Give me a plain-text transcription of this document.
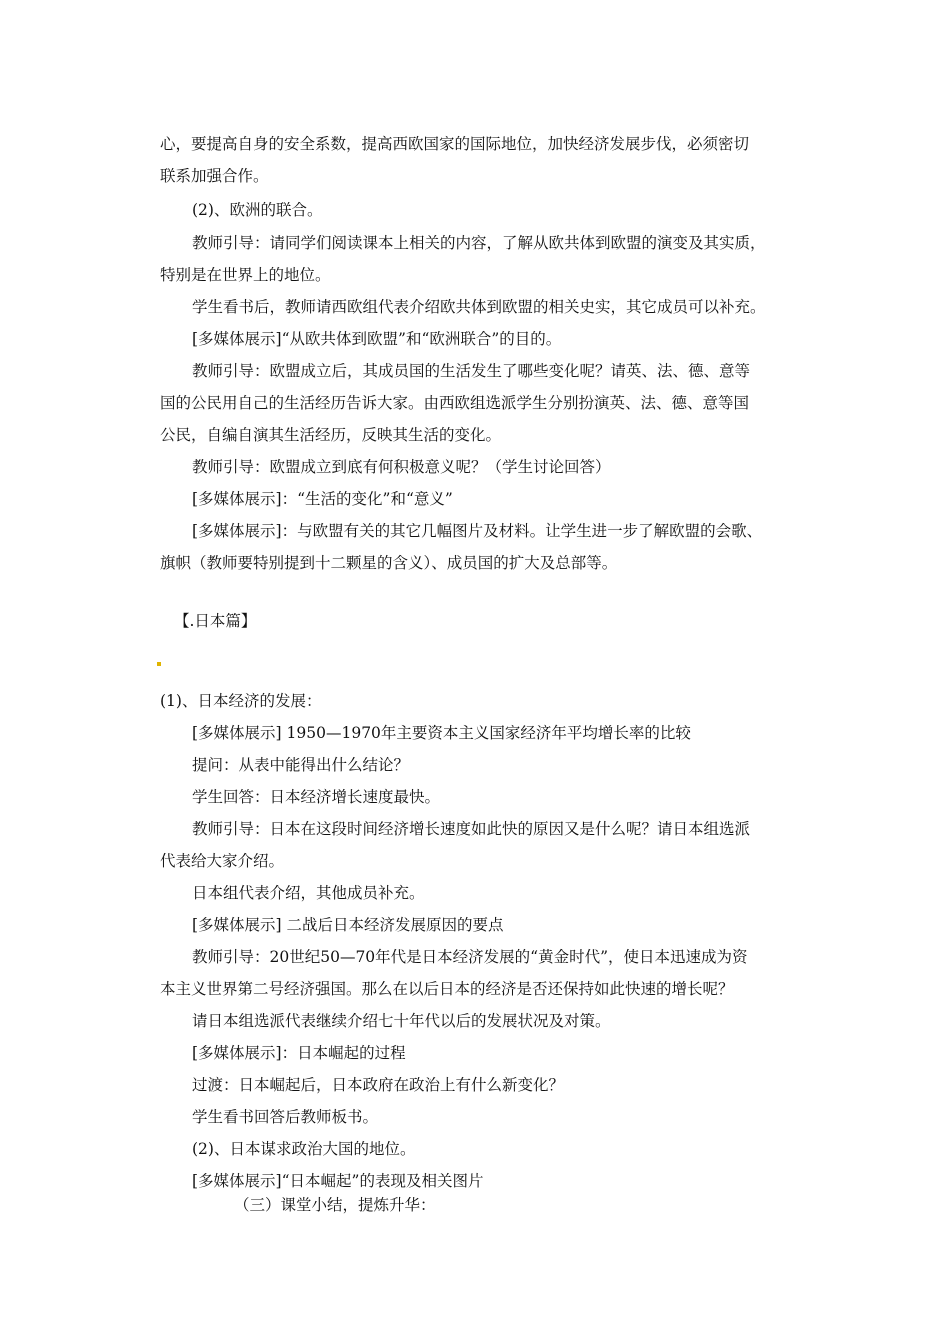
心，要提高自身的安全系数，提高西欧国家的国际地位，加快经济发展步伐，必须密切
联系加强合作。
(2)、欧洲的联合。
教师引导：请同学们阅读课本上相关的内容，了解从欧共体到欧盟的演变及其实质，
特别是在世界上的地位。
学生看书后，教师请西欧组代表介绍欧共体到欧盟的相关史实，其它成员可以补充。
[多媒体展示]“从欧共体到欧盟”和“欧洲联合”的目的。
教师引导：欧盟成立后，其成员国的生活发生了哪些变化呢？请英、法、德、意等
国的公民用自己的生活经历告诉大家。由西欧组选派学生分别扮演英、法、德、意等国
公民，自编自演其生活经历，反映其生活的变化。
教师引导：欧盟成立到底有何积极意义呢？（学生讨论回答）
[多媒体展示]：“生活的变化”和“意义”
[多媒体展示]：与欧盟有关的其它几幅图片及材料。让学生进一步了解欧盟的会歌、
旗帜（教师要特别提到十二颗星的含义）、成员国的扩大及总部等。
【.日本篇】
(1)、日本经济的发展：
[多媒体展示] 1950—1970年主要资本主义国家经济年平均增长率的比较
提问：从表中能得出什么结论？
学生回答：日本经济增长速度最快。
教师引导：日本在这段时间经济增长速度如此快的原因又是什么呢？请日本组选派
代表给大家介绍。
日本组代表介绍，其他成员补充。
[多媒体展示] 二战后日本经济发展原因的要点
教师引导：20世纪50—70年代是日本经济发展的“黄金时代”，使日本迅速成为资
本主义世界第二号经济强国。那么在以后日本的经济是否还保持如此快速的增长呢？
请日本组选派代表继续介绍七十年代以后的发展状况及对策。
[多媒体展示]：日本崛起的过程
过渡：日本崛起后，日本政府在政治上有什么新变化？
学生看书回答后教师板书。
(2)、日本谋求政治大国的地位。
[多媒体展示]“日本崛起”的表现及相关图片
（三）课堂小结，提炼升华：
